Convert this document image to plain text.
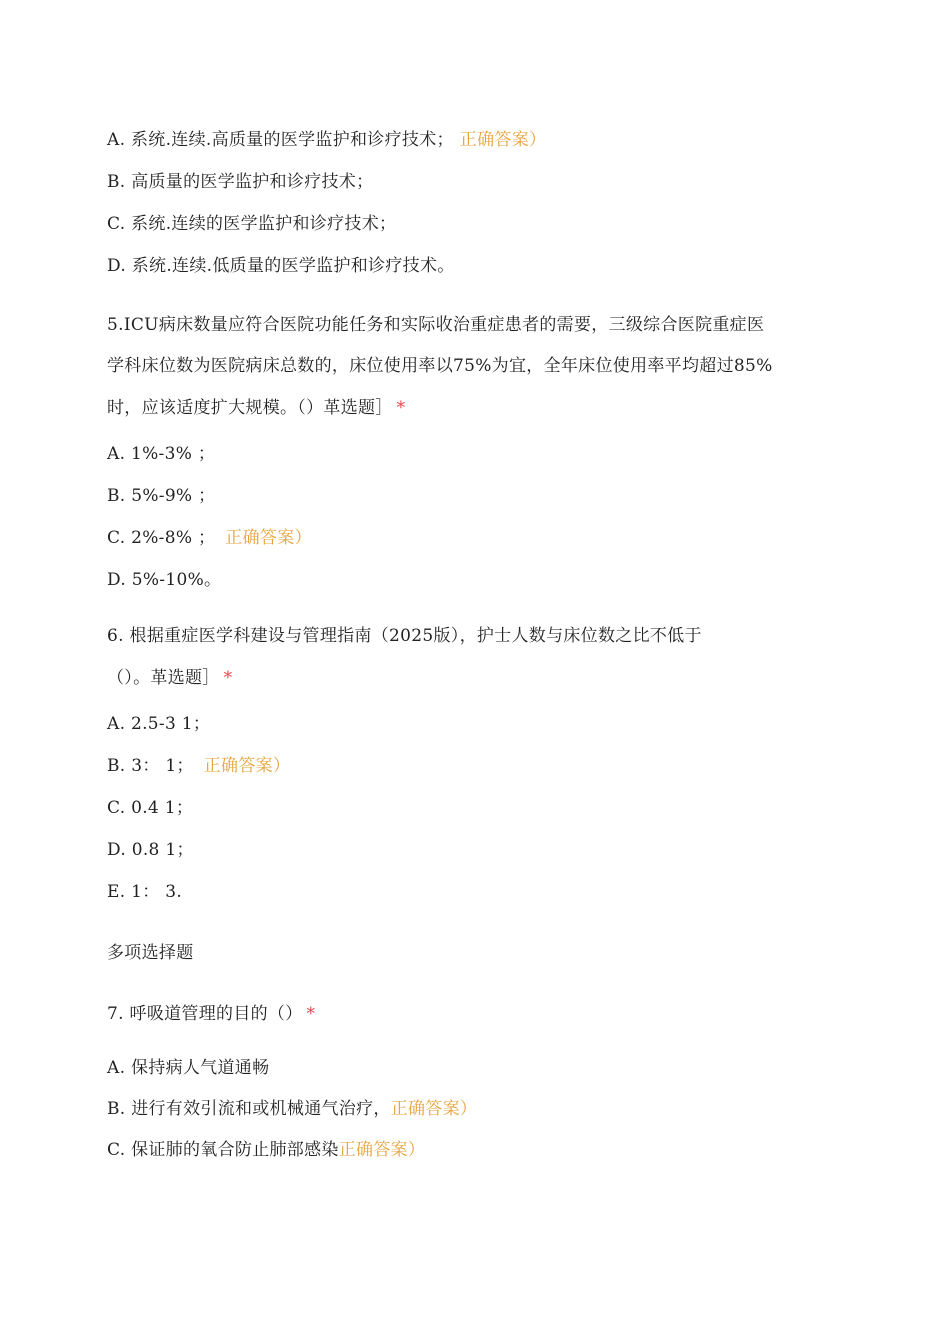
A. 系统.连续.高质量的医学监护和诊疗技术； 正确答案）
B. 高质量的医学监护和诊疗技术；
C. 系统.连续的医学监护和诊疗技术；
D. 系统.连续.低质量的医学监护和诊疗技术。
5.ICU病床数量应符合医院功能任务和实际收治重症患者的需要，三级综合医院重症医
学科床位数为医院病床总数的，床位使用率以75%为宜，全年床位使用率平均超过85%
时，应该适度扩大规模。（）革选题］ *
A. 1%-3% ；
B. 5%-9% ；
C. 2%-8% ； 正确答案）
D. 5%-10%。
6. 根据重症医学科建设与管理指南（2025版），护士人数与床位数之比不低于
（）。革选题］ *
A. 2.5-3 1；
B. 3： 1； 正确答案）
C. 0.4 1；
D. 0.8 1；
E. 1： 3.
多项选择题
7. 呼吸道管理的目的（） *
A. 保持病人气道通畅
B. 进行有效引流和或机械通气治疗，正确答案）
C. 保证肺的氧合防止肺部感染正确答案）
